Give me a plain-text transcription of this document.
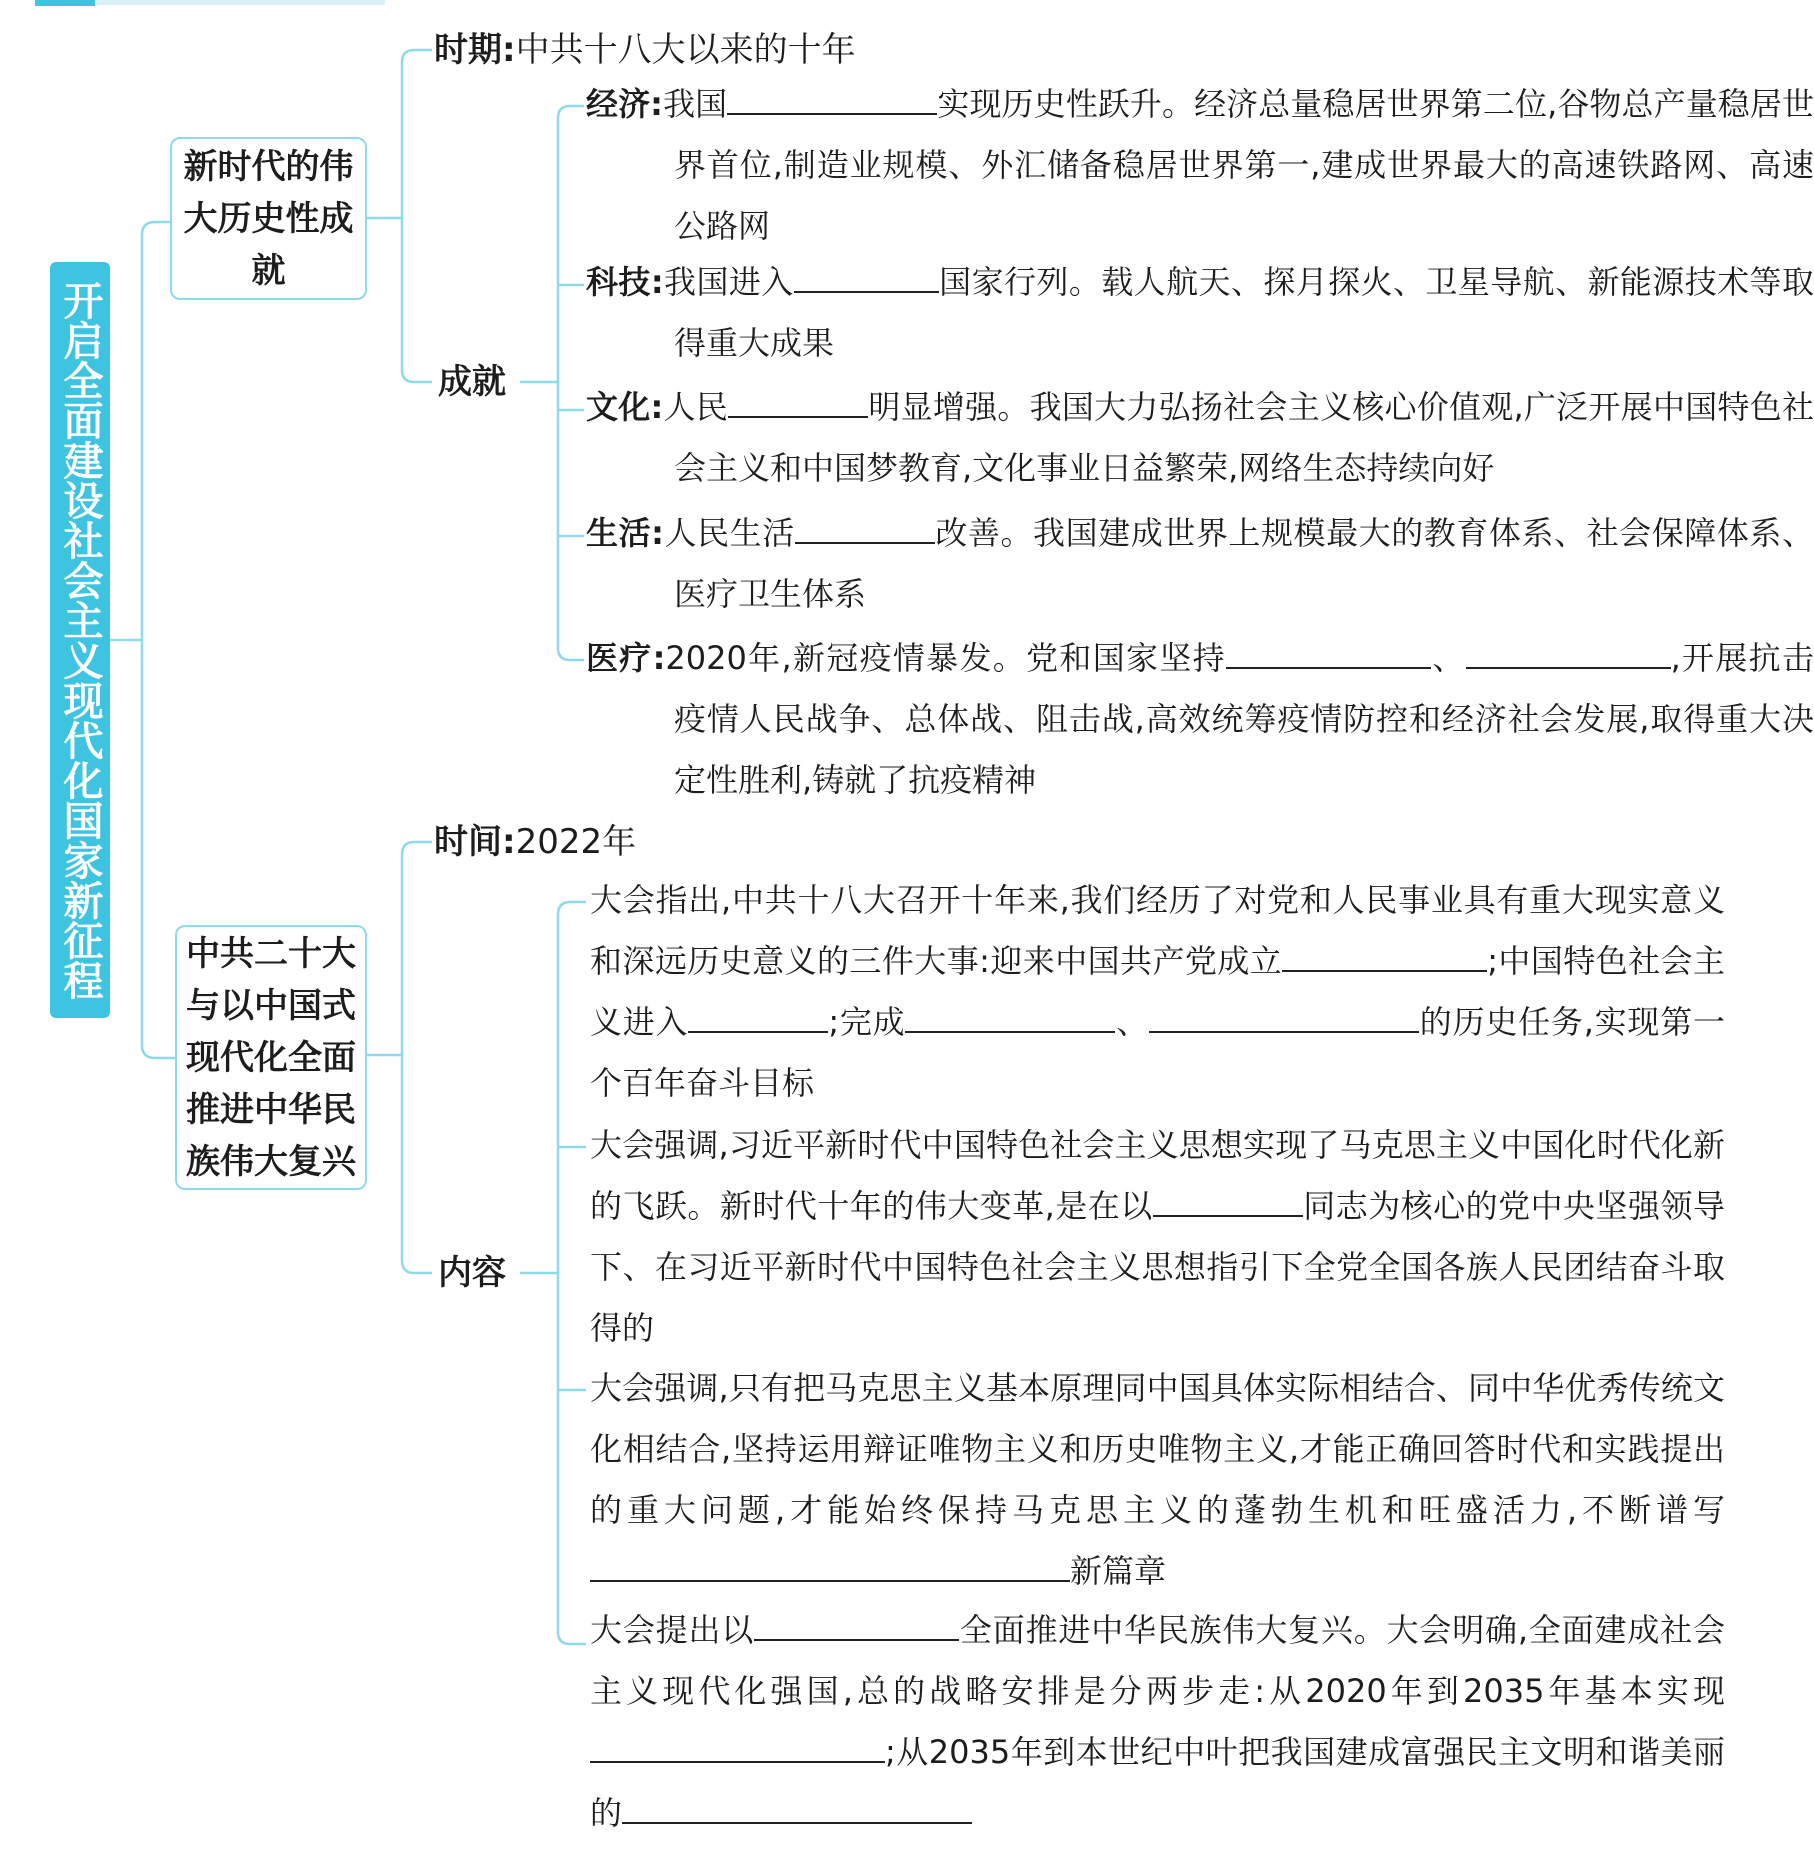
开启全面建设社会主义现代化国家新征程
新时代的伟大历史性成就
时期:中共十八大以来的十年
成就
经济:我国	实现历史性跃升。经济总量稳居世界第二位,谷物总产量稳居世界首位,制造业规模、外汇储备稳居世界第一,建成世界最大的高速铁路网、高速公路网
科技:我国进入	国家行列。载人航天、探月探火、卫星导航、新能源技术等取得重大成果
文化:人民	明显增强。我国大力弘扬社会主义核心价值观,广泛开展中国特色社会主义和中国梦教育,文化事业日益繁荣,网络生态持续向好
生活:人民生活	改善。我国建成世界上规模最大的教育体系、社会保障体系、医疗卫生体系
医疗:2020年,新冠疫情暴发。党和国家坚持	、	,开展抗击疫情人民战争、总体战、阻击战,高效统筹疫情防控和经济社会发展,取得重大决定性胜利,铸就了抗疫精神
中共二十大与以中国式现代化全面推进中华民族伟大复兴
时间:2022年
内容
大会指出,中共十八大召开十年来,我们经历了对党和人民事业具有重大现实意义和深远历史意义的三件大事:迎来中国共产党成立	;中国特色社会主义进入	;完成	、	的历史任务,实现第一个百年奋斗目标
大会强调,习近平新时代中国特色社会主义思想实现了马克思主义中国化时代化新的飞跃。新时代十年的伟大变革,是在以	同志为核心的党中央坚强领导下、在习近平新时代中国特色社会主义思想指引下全党全国各族人民团结奋斗取得的
大会强调,只有把马克思主义基本原理同中国具体实际相结合、同中华优秀传统文化相结合,坚持运用辩证唯物主义和历史唯物主义,才能正确回答时代和实践提出的重大问题,才能始终保持马克思主义的蓬勃生机和旺盛活力,不断谱写新篇章
大会提出以	全面推进中华民族伟大复兴。大会明确,全面建成社会主义现代化强国,总的战略安排是分两步走:从2020年到2035年基本实现;从2035年到本世纪中叶把我国建成富强民主文明和谐美丽的
